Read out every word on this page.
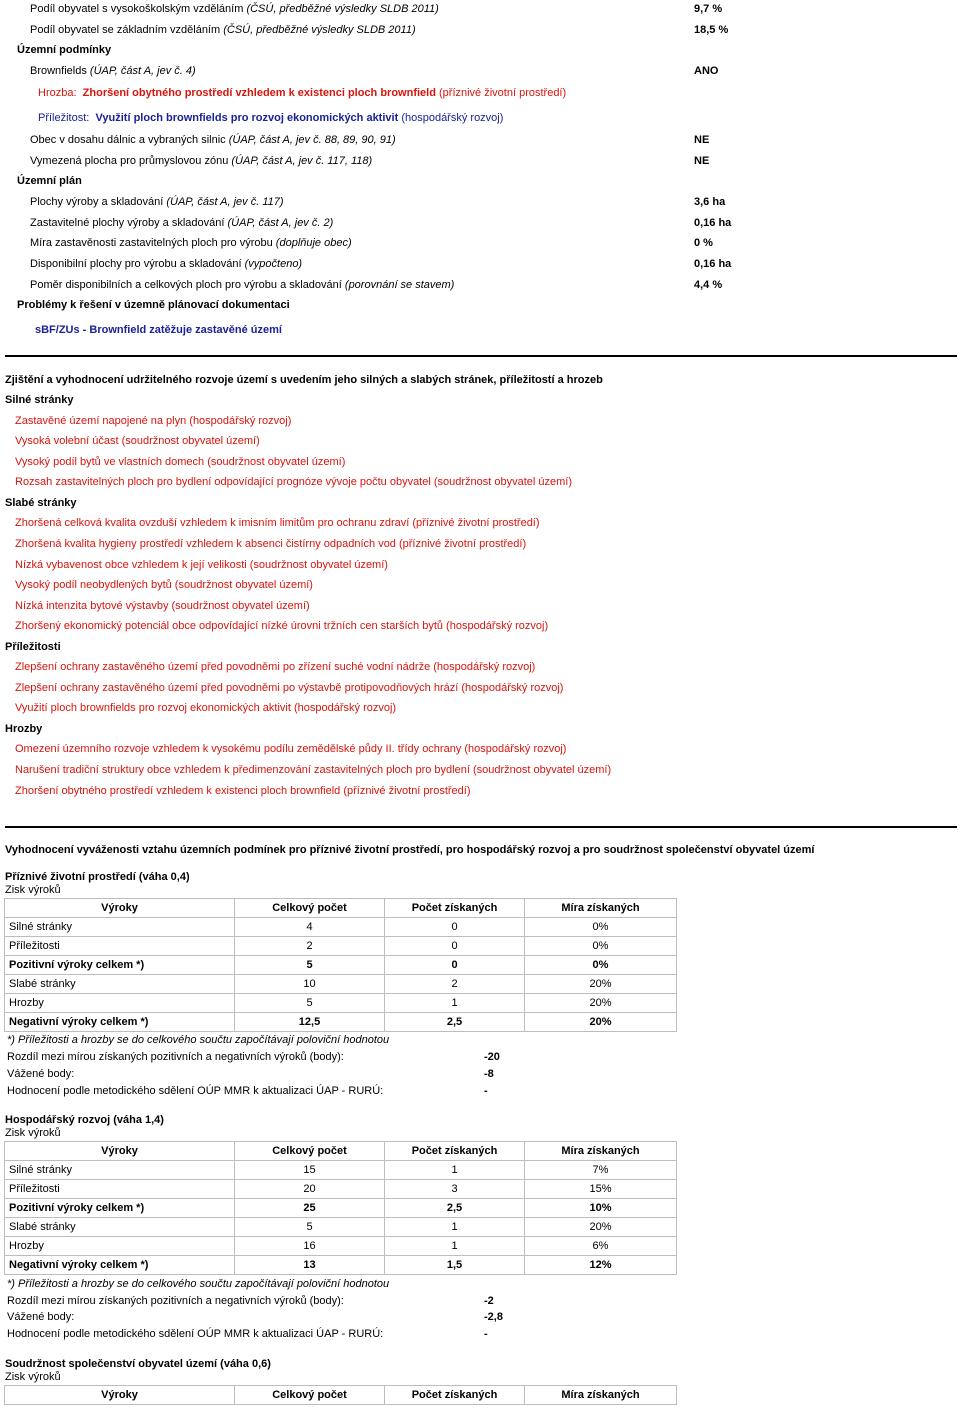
Podíl obyvatel s vysokoškolským vzděláním (ČSÚ, předběžné výsledky SLDB 2011)	9,7 %
Podíl obyvatel se základním vzděláním (ČSÚ, předběžné výsledky SLDB 2011)	18,5 %
Územní podmínky
Brownfields (ÚAP, část A, jev č. 4)	ANO
Hrozba: Zhoršení obytného prostředí vzhledem k existenci ploch brownfield (příznivé životní prostředí)
Příležitost: Využití ploch brownfields pro rozvoj ekonomických aktivit (hospodářský rozvoj)
Obec v dosahu dálnic a vybraných silnic (ÚAP, část A, jev č. 88, 89, 90, 91)	NE
Vymezená plocha pro průmyslovou zónu (ÚAP, část A, jev č. 117, 118)	NE
Územní plán
Plochy výroby a skladování (ÚAP, část A, jev č. 117)	3,6 ha
Zastavitelné plochy výroby a skladování (ÚAP, část A, jev č. 2)	0,16 ha
Míra zastavěnosti zastavitelných ploch pro výrobu (doplňuje obec)	0 %
Disponibilní plochy pro výrobu a skladování (vypočteno)	0,16 ha
Poměr disponibilních a celkových ploch pro výrobu a skladování (porovnání se stavem)	4,4 %
Problémy k řešení v územně plánovací dokumentaci
sBF/ZUs - Brownfield zatěžuje zastavěné území
Zjištění a vyhodnocení udržitelného rozvoje území s uvedením jeho silných a slabých stránek, příležitostí a hrozeb
Silné stránky
Zastavěné území napojené na plyn (hospodářský rozvoj)
Vysoká volební účast (soudržnost obyvatel území)
Vysoký podíl bytů ve vlastních domech (soudržnost obyvatel území)
Rozsah zastavitelných ploch pro bydlení odpovídající prognóze vývoje počtu obyvatel (soudržnost obyvatel území)
Slabé stránky
Zhoršená celková kvalita ovzduší vzhledem k imisním limitům pro ochranu zdraví (příznivé životní prostředí)
Zhoršená kvalita hygieny prostředí vzhledem k absenci čistírny odpadních vod (příznivé životní prostředí)
Nízká vybavenost obce vzhledem k její velikosti (soudržnost obyvatel území)
Vysoký podíl neobydlených bytů (soudržnost obyvatel území)
Nízká intenzita bytové výstavby (soudržnost obyvatel území)
Zhoršený ekonomický potenciál obce odpovídající nízké úrovni tržních cen starších bytů (hospodářský rozvoj)
Příležitosti
Zlepšení ochrany zastavěného území před povodněmi po zřízení suché vodní nádrže (hospodářský rozvoj)
Zlepšení ochrany zastavěného území před povodněmi po výstavbě protipovodňových hrází (hospodářský rozvoj)
Využití ploch brownfields pro rozvoj ekonomických aktivit (hospodářský rozvoj)
Hrozby
Omezení územního rozvoje vzhledem k vysokému podílu zemědělské půdy II. třídy ochrany (hospodářský rozvoj)
Narušení tradiční struktury obce vzhledem k předimenzování zastavitelných ploch pro bydlení (soudržnost obyvatel území)
Zhoršení obytného prostředí vzhledem k existenci ploch brownfield (příznivé životní prostředí)
Vyhodnocení vyváženosti vztahu územních podmínek pro příznivé životní prostředí, pro hospodářský rozvoj a pro soudržnost společenství obyvatel území
Příznivé životní prostředí (váha 0,4)
Zisk výroků
Výroky	Celkový počet	Počet získaných	Míra získaných
Silné stránky	4	0	0%
Příležitosti	2	0	0%
Pozitivní výroky celkem *)	5	0	0%
Slabé stránky	10	2	20%
Hrozby	5	1	20%
Negativní výroky celkem *)	12,5	2,5	20%
*) Příležitosti a hrozby se do celkového součtu započítávají poloviční hodnotou
Rozdíl mezi mírou získaných pozitivních a negativních výroků (body):	-20
Vážené body:	-8
Hodnocení podle metodického sdělení OÚP MMR k aktualizaci ÚAP - RURÚ:	-
Hospodářský rozvoj (váha 1,4)
Zisk výroků
Výroky	Celkový počet	Počet získaných	Míra získaných
Silné stránky	15	1	7%
Příležitosti	20	3	15%
Pozitivní výroky celkem *)	25	2,5	10%
Slabé stránky	5	1	20%
Hrozby	16	1	6%
Negativní výroky celkem *)	13	1,5	12%
*) Příležitosti a hrozby se do celkového součtu započítávají poloviční hodnotou
Rozdíl mezi mírou získaných pozitivních a negativních výroků (body):	-2
Vážené body:	-2,8
Hodnocení podle metodického sdělení OÚP MMR k aktualizaci ÚAP - RURÚ:	-
Soudržnost společenství obyvatel území (váha 0,6)
Zisk výroků
Výroky	Celkový počet	Počet získaných	Míra získaných
